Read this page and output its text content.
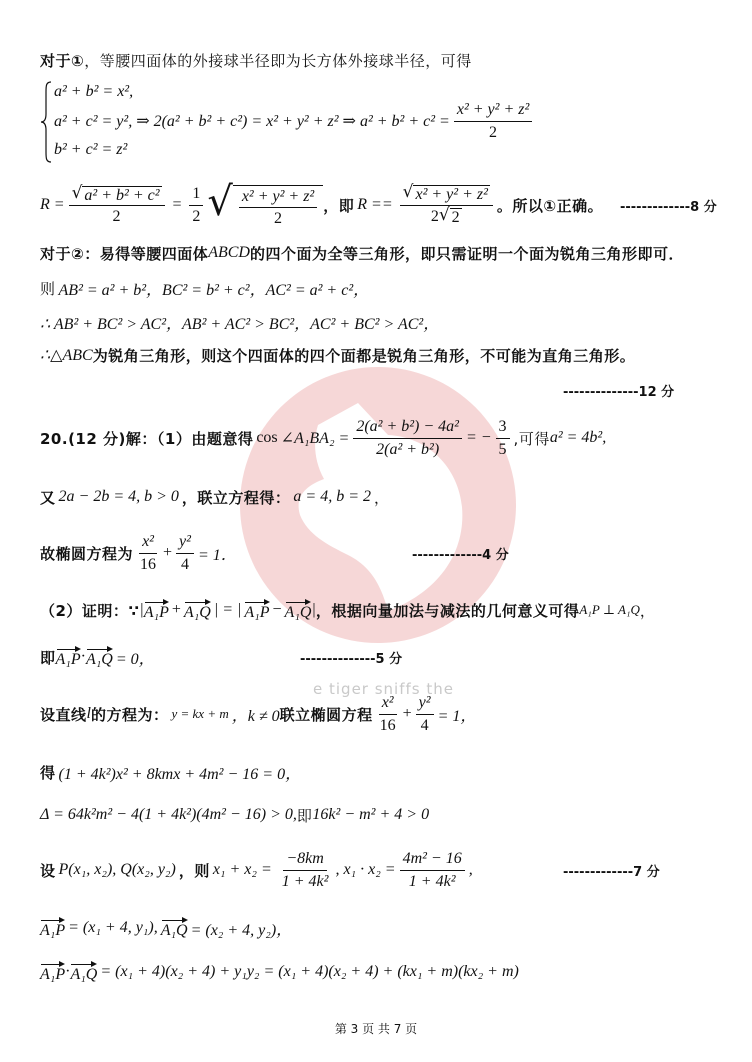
e tiger sniffs the
对于① ，等腰四面体的外接球半径即为长方体外接球半径，可得
a² + b² = x²,
a² + c² = y², ⇒ 2(a² + b² + c²) = x² + y² + z² ⇒ $a^2 + b^2 + c^2 = \frac{\text{x² + y² + z²}}{2}$
b² + c² = z²
$R = \frac{\text{√ a² + b² + c²}}{2} = \frac{1}{2}$ √ $\frac{\text{x² + y² + z²}}{2}$ ，即 $R == \frac{\text{√ x² + y² + z²}}{2 √ 2}$ 。所以①正确。 -------------8 分
对于②：易得等腰四面体 ABCD 的四个面为全等三角形，即只需证明一个面为锐角三角形即可．
则 AB² = a² + b²，BC² = b² + c²，AC² = a² + c²，
∴ AB² + BC² > AC²，AB² + AC² > BC²，AC² + BC² > AC²，
∴△ABC 为锐角三角形，则这个四面体的四个面都是锐角三角形，不可能为直角三角形。
--------------12 分
20.(12 分)解：（1）由题意得 cos ∠A₁BA₂ = $\frac{\text{2(a² + b²) − 4a²}}{\text{2(a² + b²)}}$ = − $\frac{3}{5}$ ,可得 a² = 4b²,
又 2a − 2b = 4, b > 0 ，联立方程得： a = 4, b = 2 ，
故椭圆方程为 $\frac{\text{x²}}{16} + \frac{\text{y²}}{4} = 1$．	-------------4 分
（2）证明：∵ | A₁P + A₁Q | = | A₁P − A₁Q | ，根据向量加法与减法的几何意义可得 A₁P ⊥ A₁Q ，
即 A₁P · A₁Q = 0，	--------------5 分
设直线 l 的方程为： y = kx + m ，k ≠ 0 联立椭圆方程 $\frac{\text{x²}}{16} + \frac{\text{y²}}{4} = 1$，
得 (1 + 4k²)x² + 8kmx + 4m² − 16 = 0，
Δ = 64k²m² − 4(1 + 4k²)(4m² − 16) > 0, 即 16k² − m² + 4 > 0
设 P(x₁, x₂), Q(x₂, y₂) ，则 $x_1 + x_2 = \frac{-8km}{\text{1 + 4k²}}$ , $x_1 \cdot x_2 = \frac{\text{4m² − 16}}{\text{1 + 4k²}}$ ,	-------------7 分
A₁P = (x₁ + 4, y₁), A₁Q = (x₂ + 4, y₂)，
A₁P · A₁Q = (x₁ + 4)(x₂ + 4) + y₁y₂ = (x₁ + 4)(x₂ + 4) + (kx₁ + m)(kx₂ + m)
第 3 页 共 7 页
